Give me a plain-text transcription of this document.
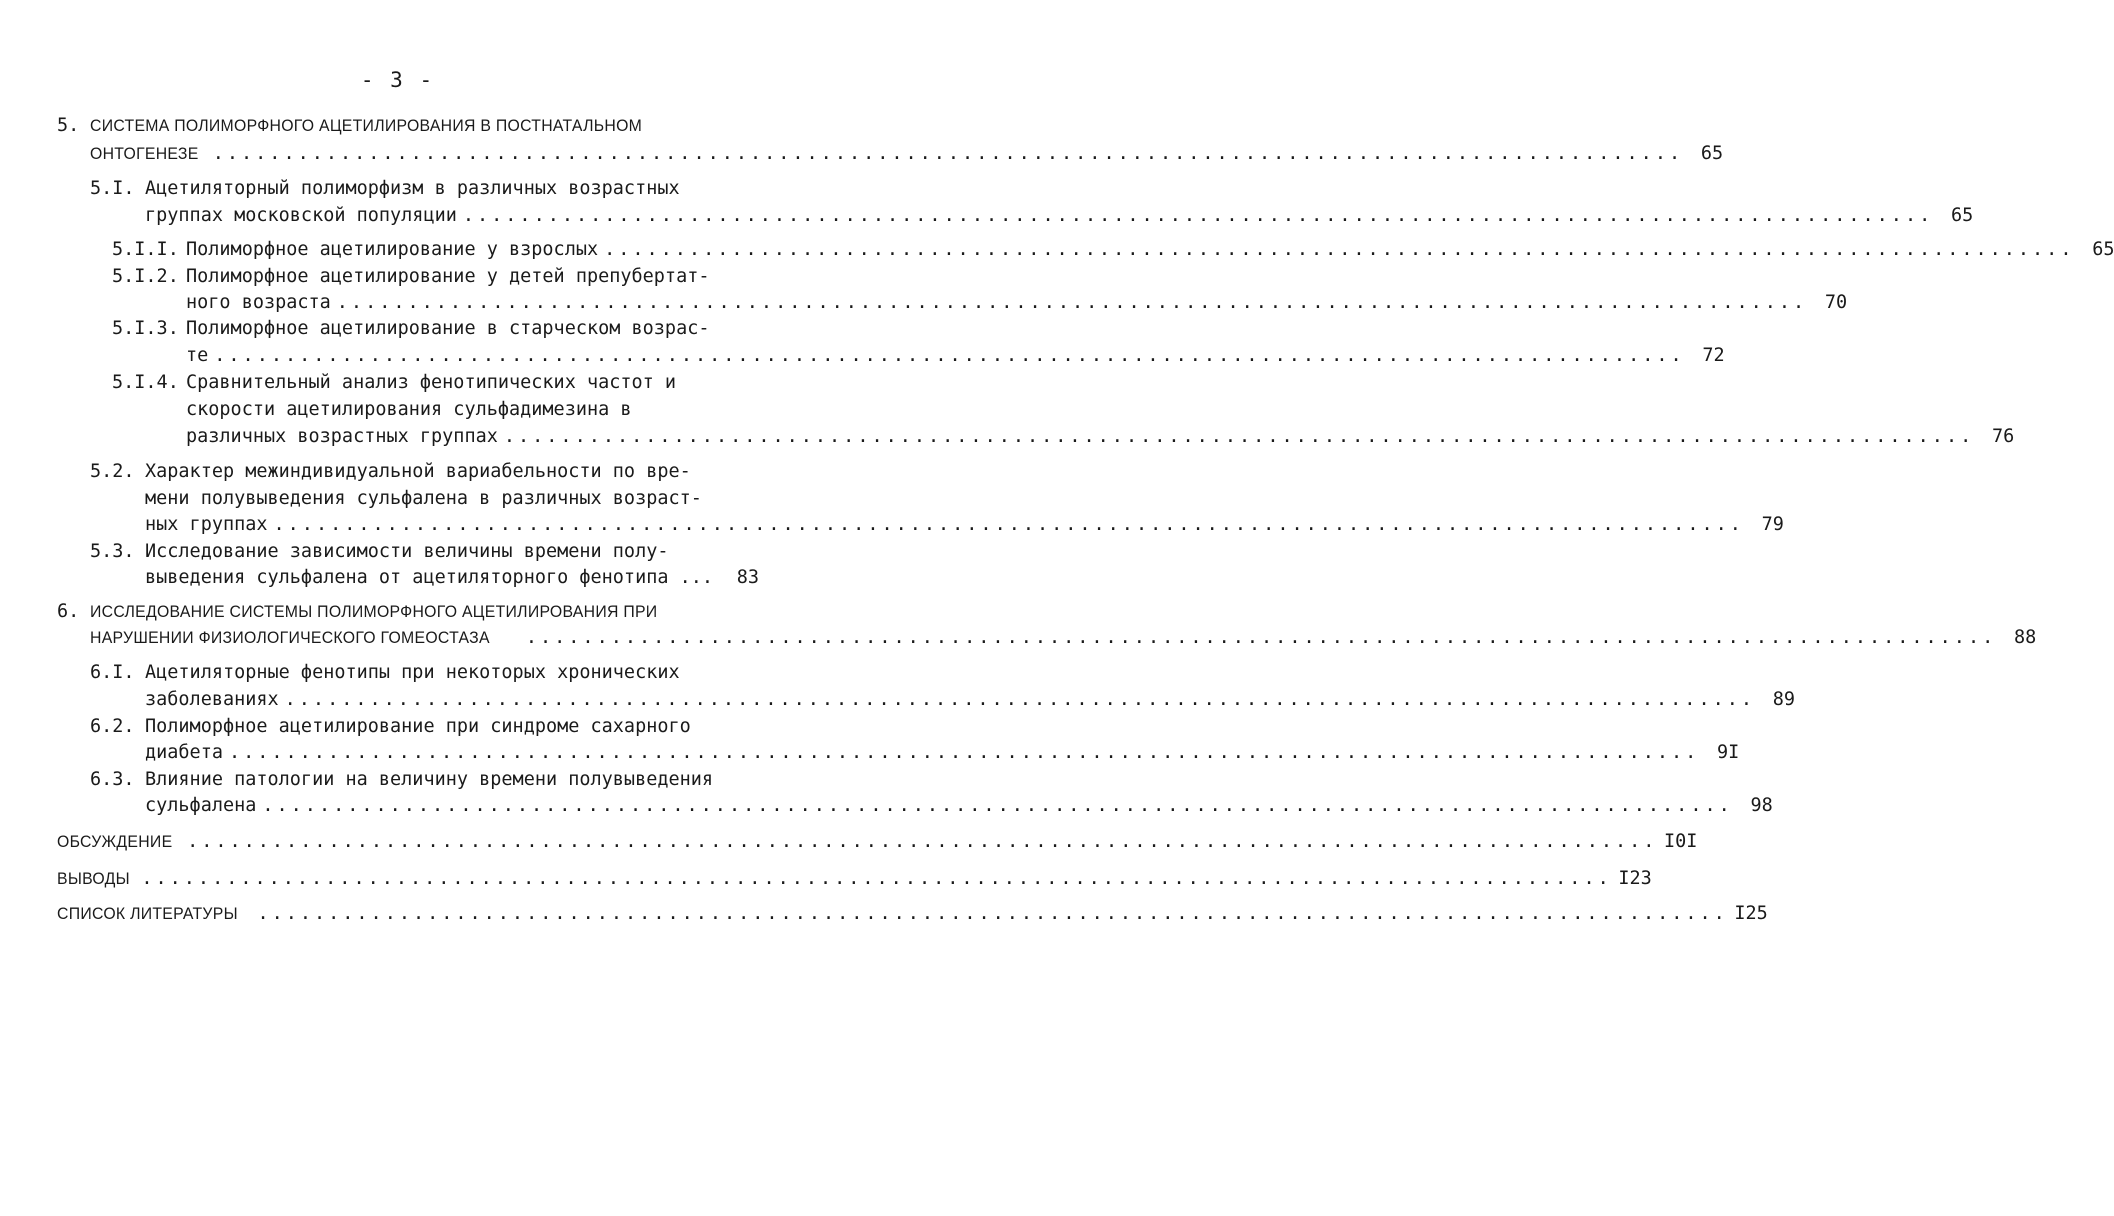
- 3 -
5. СИСТЕМА ПОЛИМОРФНОГО АЦЕТИЛИРОВАНИЯ В ПОСТНАТАЛЬНОМ
ОНТОГЕНЕЗЕ ........................................................................................................ 65
5.I. Ацетиляторный полиморфизм в различных возрастных
группах московской популяции ........................................................................................................ 65
5.I.I. Полиморфное ацетилирование у взрослых ........................................................................................................ 65
5.I.2. Полиморфное ацетилирование у детей препубертат-
ного возраста ........................................................................................................ 70
5.I.3. Полиморфное ацетилирование в старческом возрас-
те ........................................................................................................ 72
5.I.4. Сравнительный анализ фенотипических частот и
скорости ацетилирования сульфадимезина в
различных возрастных группах ........................................................................................................ 76
5.2. Характер межиндивидуальной вариабельности по вре-
мени полувыведения сульфалена в различных возраст-
ных группах ........................................................................................................ 79
5.3. Исследование зависимости величины времени полу-
выведения сульфалена от ацетиляторного фенотипа ...	83
6. ИССЛЕДОВАНИЕ СИСТЕМЫ ПОЛИМОРФНОГО АЦЕТИЛИРОВАНИЯ ПРИ
НАРУШЕНИИ ФИЗИОЛОГИЧЕСКОГО ГОМЕОСТАЗА ........................................................................................................ 88
6.I. Ацетиляторные фенотипы при некоторых хронических
заболеваниях ........................................................................................................ 89
6.2. Полиморфное ацетилирование при синдроме сахарного
диабета ........................................................................................................ 9I
6.3. Влияние патологии на величину времени полувыведения
сульфалена ........................................................................................................ 98
ОБСУЖДЕНИЕ ........................................................................................................ I0I
ВЫВОДЫ ........................................................................................................ I23
СПИСОК ЛИТЕРАТУРЫ ........................................................................................................ I25
